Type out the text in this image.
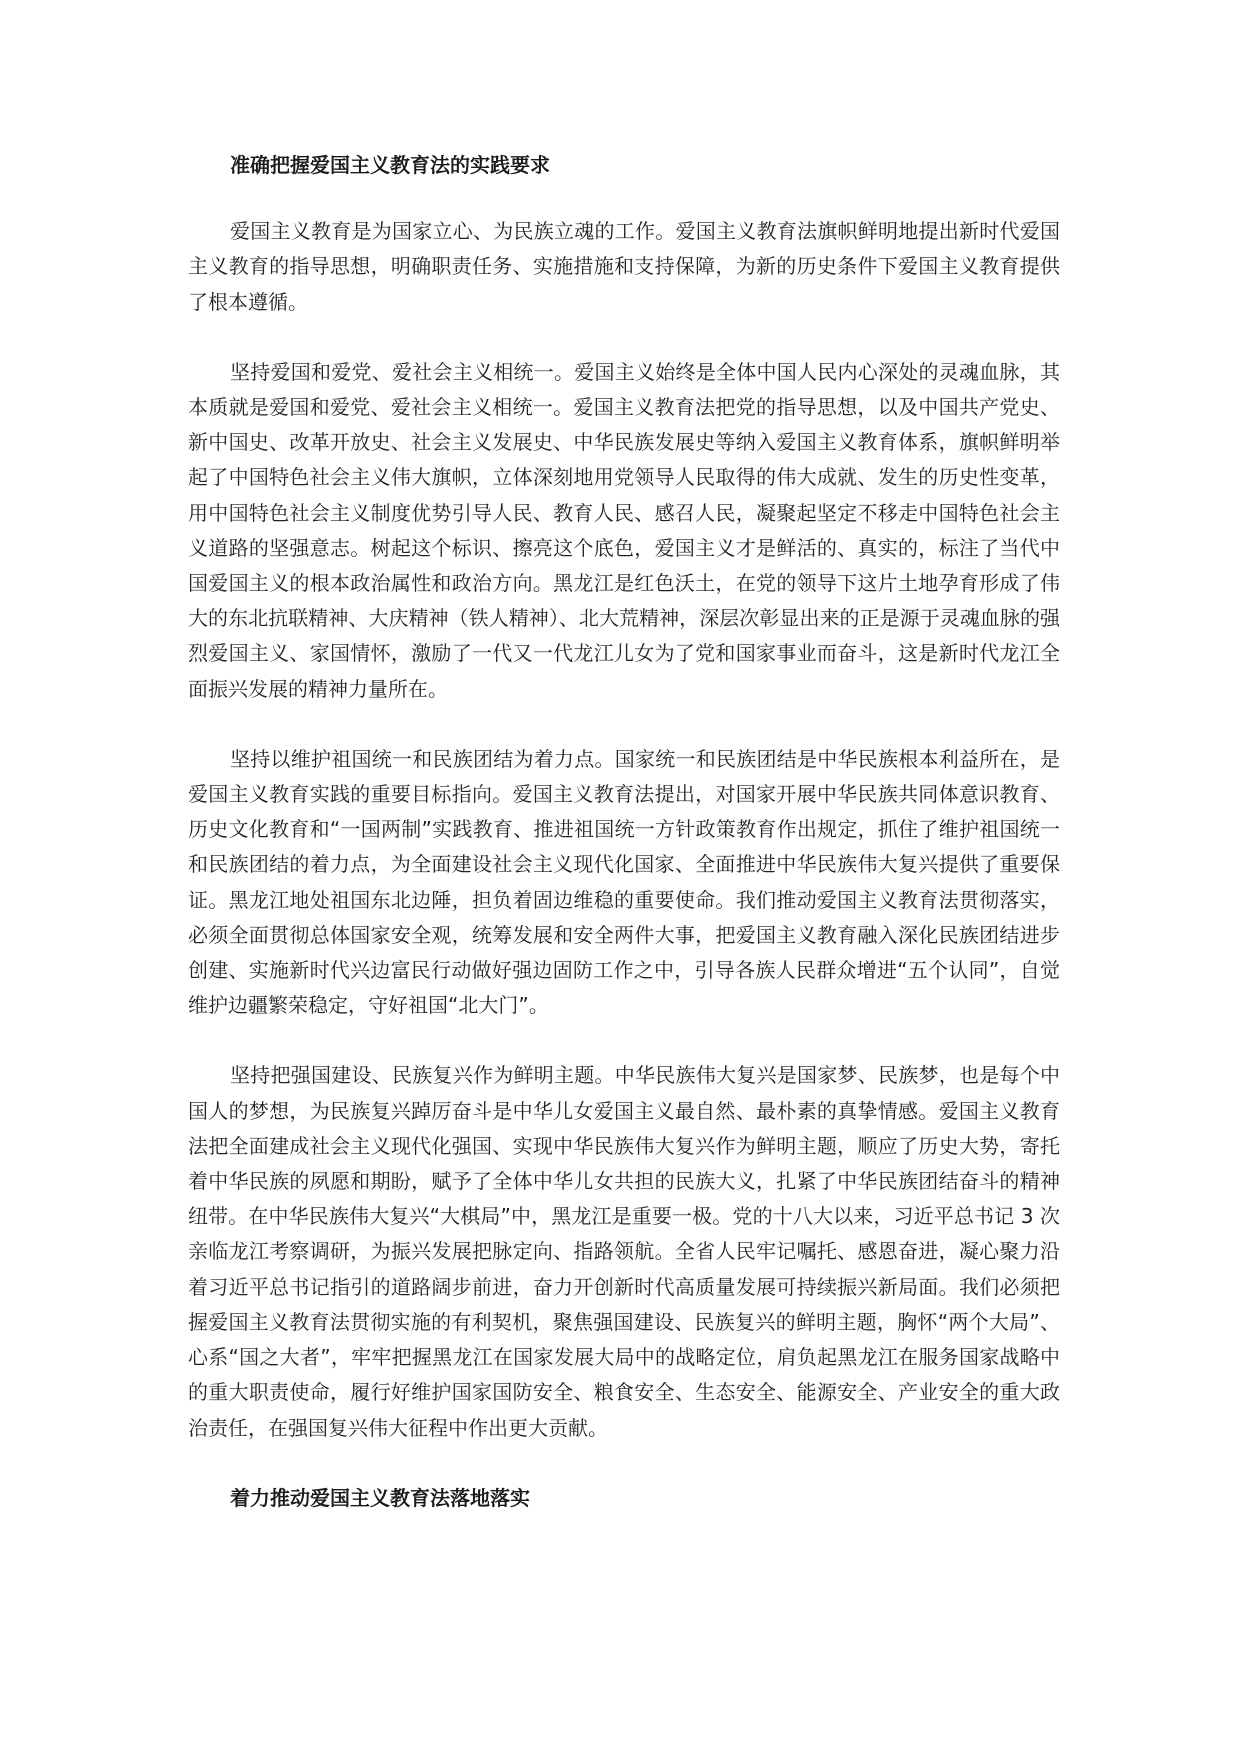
准确把握爱国主义教育法的实践要求

爱国主义教育是为国家立心、为民族立魂的工作。爱国主义教育法旗帜鲜明地提出新时代爱国主义教育的指导思想，明确职责任务、实施措施和支持保障，为新的历史条件下爱国主义教育提供了根本遵循。

坚持爱国和爱党、爱社会主义相统一。爱国主义始终是全体中国人民内心深处的灵魂血脉，其本质就是爱国和爱党、爱社会主义相统一。爱国主义教育法把党的指导思想，以及中国共产党史、新中国史、改革开放史、社会主义发展史、中华民族发展史等纳入爱国主义教育体系，旗帜鲜明举起了中国特色社会主义伟大旗帜，立体深刻地用党领导人民取得的伟大成就、发生的历史性变革，用中国特色社会主义制度优势引导人民、教育人民、感召人民，凝聚起坚定不移走中国特色社会主义道路的坚强意志。树起这个标识、擦亮这个底色，爱国主义才是鲜活的、真实的，标注了当代中国爱国主义的根本政治属性和政治方向。黑龙江是红色沃土，在党的领导下这片土地孕育形成了伟大的东北抗联精神、大庆精神（铁人精神）、北大荒精神，深层次彰显出来的正是源于灵魂血脉的强烈爱国主义、家国情怀，激励了一代又一代龙江儿女为了党和国家事业而奋斗，这是新时代龙江全面振兴发展的精神力量所在。

坚持以维护祖国统一和民族团结为着力点。国家统一和民族团结是中华民族根本利益所在，是爱国主义教育实践的重要目标指向。爱国主义教育法提出，对国家开展中华民族共同体意识教育、历史文化教育和“一国两制”实践教育、推进祖国统一方针政策教育作出规定，抓住了维护祖国统一和民族团结的着力点，为全面建设社会主义现代化国家、全面推进中华民族伟大复兴提供了重要保证。黑龙江地处祖国东北边陲，担负着固边维稳的重要使命。我们推动爱国主义教育法贯彻落实，必须全面贯彻总体国家安全观，统筹发展和安全两件大事，把爱国主义教育融入深化民族团结进步创建、实施新时代兴边富民行动做好强边固防工作之中，引导各族人民群众增进“五个认同”，自觉维护边疆繁荣稳定，守好祖国“北大门”。

坚持把强国建设、民族复兴作为鲜明主题。中华民族伟大复兴是国家梦、民族梦，也是每个中国人的梦想，为民族复兴踔厉奋斗是中华儿女爱国主义最自然、最朴素的真挚情感。爱国主义教育法把全面建成社会主义现代化强国、实现中华民族伟大复兴作为鲜明主题，顺应了历史大势，寄托着中华民族的夙愿和期盼，赋予了全体中华儿女共担的民族大义，扎紧了中华民族团结奋斗的精神纽带。在中华民族伟大复兴“大棋局”中，黑龙江是重要一极。党的十八大以来，习近平总书记 3 次亲临龙江考察调研，为振兴发展把脉定向、指路领航。全省人民牢记嘱托、感恩奋进，凝心聚力沿着习近平总书记指引的道路阔步前进，奋力开创新时代高质量发展可持续振兴新局面。我们必须把握爱国主义教育法贯彻实施的有利契机，聚焦强国建设、民族复兴的鲜明主题，胸怀“两个大局”、心系“国之大者”，牢牢把握黑龙江在国家发展大局中的战略定位，肩负起黑龙江在服务国家战略中的重大职责使命，履行好维护国家国防安全、粮食安全、生态安全、能源安全、产业安全的重大政治责任，在强国复兴伟大征程中作出更大贡献。

着力推动爱国主义教育法落地落实
